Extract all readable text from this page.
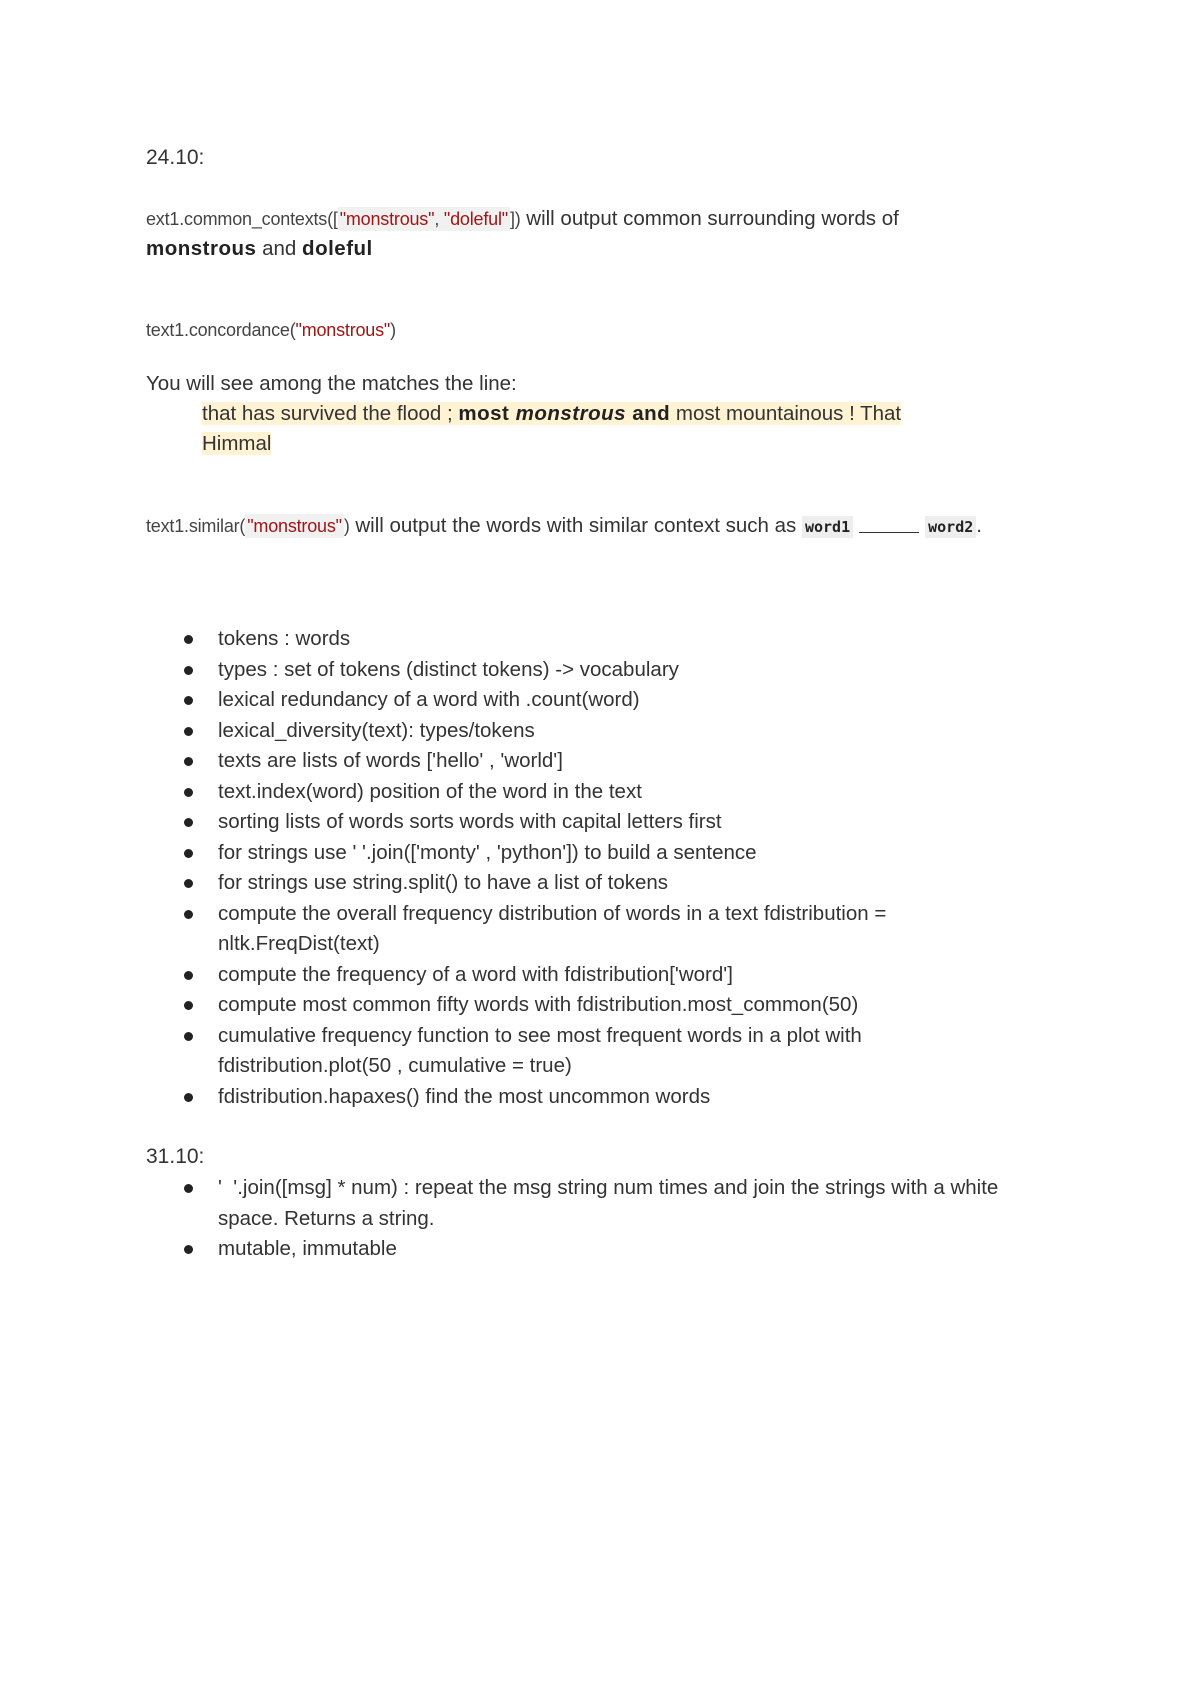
24.10:
ext1.common_contexts([ "monstrous", "doleful" ]) will output common surrounding words of
monstrous and doleful
text1.concordance("monstrous")
You will see among the matches the line:
that has survived the flood ; most monstrous and most mountainous ! That
Himmal
text1.similar( "monstrous" ) will output the words with similar context such as word1	word2 .
tokens : words
types : set of tokens (distinct tokens) -> vocabulary
lexical redundancy of a word with .count(word)
lexical_diversity(text): types/tokens
texts are lists of words ['hello' , 'world']
text.index(word) position of the word in the text
sorting lists of words sorts words with capital letters first
for strings use ' '.join(['monty' , 'python']) to build a sentence
for strings use string.split() to have a list of tokens
compute the overall frequency distribution of words in a text fdistribution = nltk.FreqDist(text)
compute the frequency of a word with fdistribution['word']
compute most common fifty words with fdistribution.most_common(50)
cumulative frequency function to see most frequent words in a plot with fdistribution.plot(50 , cumulative = true)
fdistribution.hapaxes() find the most uncommon words
31.10:
'  '.join([msg] * num) : repeat the msg string num times and join the strings with a white space. Returns a string.
mutable, immutable
